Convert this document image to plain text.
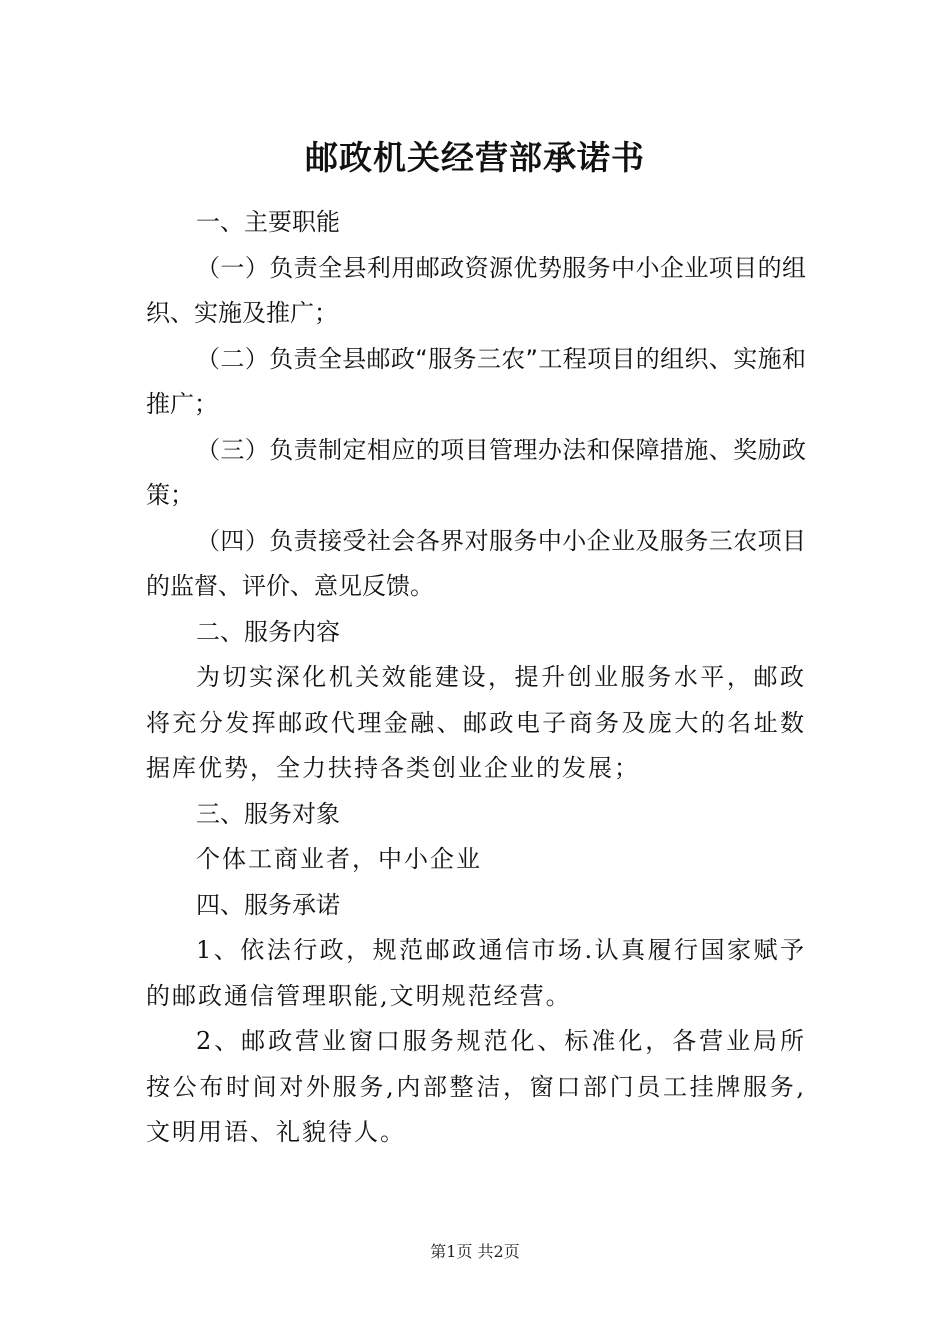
邮政机关经营部承诺书

一、主要职能

（一）负责全县利用邮政资源优势服务中小企业项目的组织、实施及推广；

（二）负责全县邮政“服务三农”工程项目的组织、实施和推广；

（三）负责制定相应的项目管理办法和保障措施、奖励政策；

（四）负责接受社会各界对服务中小企业及服务三农项目的监督、评价、意见反馈。

二、服务内容

为切实深化机关效能建设，提升创业服务水平，邮政将充分发挥邮政代理金融、邮政电子商务及庞大的名址数据库优势，全力扶持各类创业企业的发展；

三、服务对象

个体工商业者，中小企业

四、服务承诺

1、依法行政，规范邮政通信市场.认真履行国家赋予的邮政通信管理职能,文明规范经营。

2、邮政营业窗口服务规范化、标准化，各营业局所按公布时间对外服务,内部整洁，窗口部门员工挂牌服务,文明用语、礼貌待人。

第1页 共2页
